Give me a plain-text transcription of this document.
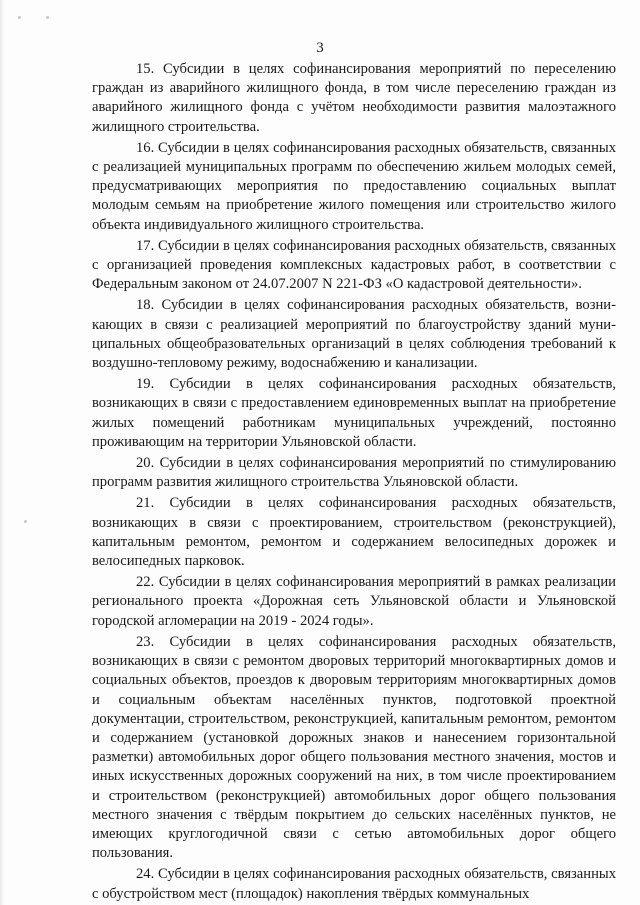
3

15. Субсидии в целях софинансирования мероприятий по переселению граждан из аварийного жилищного фонда, в том числе переселению граждан из аварийного жилищного фонда с учётом необходимости развития малоэтажного жилищного строительства.

16. Субсидии в целях софинансирования расходных обязательств, связанных с реализацией муниципальных программ по обеспечению жильем молодых семей, предусматривающих мероприятия по предоставлению социальных выплат молодым семьям на приобретение жилого помещения или строительство жилого объекта индивидуального жилищного строительства.

17. Субсидии в целях софинансирования расходных обязательств, связанных с организацией проведения комплексных кадастровых работ, в соответствии с Федеральным законом от 24.07.2007 N 221-ФЗ «О кадастровой деятельности».

18. Субсидии в целях софинансирования расходных обязательств, возникающих в связи с реализацией мероприятий по благоустройству зданий муниципальных общеобразовательных организаций в целях соблюдения требований к воздушно-тепловому режиму, водоснабжению и канализации.

19. Субсидии в целях софинансирования расходных обязательств, возникающих в связи с предоставлением единовременных выплат на приобретение жилых помещений работникам муниципальных учреждений, постоянно проживающим на территории Ульяновской области.

20. Субсидии в целях софинансирования мероприятий по стимулированию программ развития жилищного строительства Ульяновской области.

21. Субсидии в целях софинансирования расходных обязательств, возникающих в связи с проектированием, строительством (реконструкцией), капитальным ремонтом, ремонтом и содержанием велосипедных дорожек и велосипедных парковок.

22. Субсидии в целях софинансирования мероприятий в рамках реализации регионального проекта «Дорожная сеть Ульяновской области и Ульяновской городской агломерации на 2019 - 2024 годы».

23. Субсидии в целях софинансирования расходных обязательств, возникающих в связи с ремонтом дворовых территорий многоквартирных домов и социальных объектов, проездов к дворовым территориям многоквартирных домов и социальным объектам населённых пунктов, подготовкой проектной документации, строительством, реконструкцией, капитальным ремонтом, ремонтом и содержанием (установкой дорожных знаков и нанесением горизонтальной разметки) автомобильных дорог общего пользования местного значения, мостов и иных искусственных дорожных сооружений на них, в том числе проектированием и строительством (реконструкцией) автомобильных дорог общего пользования местного значения с твёрдым покрытием до сельских населённых пунктов, не имеющих круглогодичной связи с сетью автомобильных дорог общего пользования.

24. Субсидии в целях софинансирования расходных обязательств, связанных с обустройством мест (площадок) накопления твёрдых коммунальных
